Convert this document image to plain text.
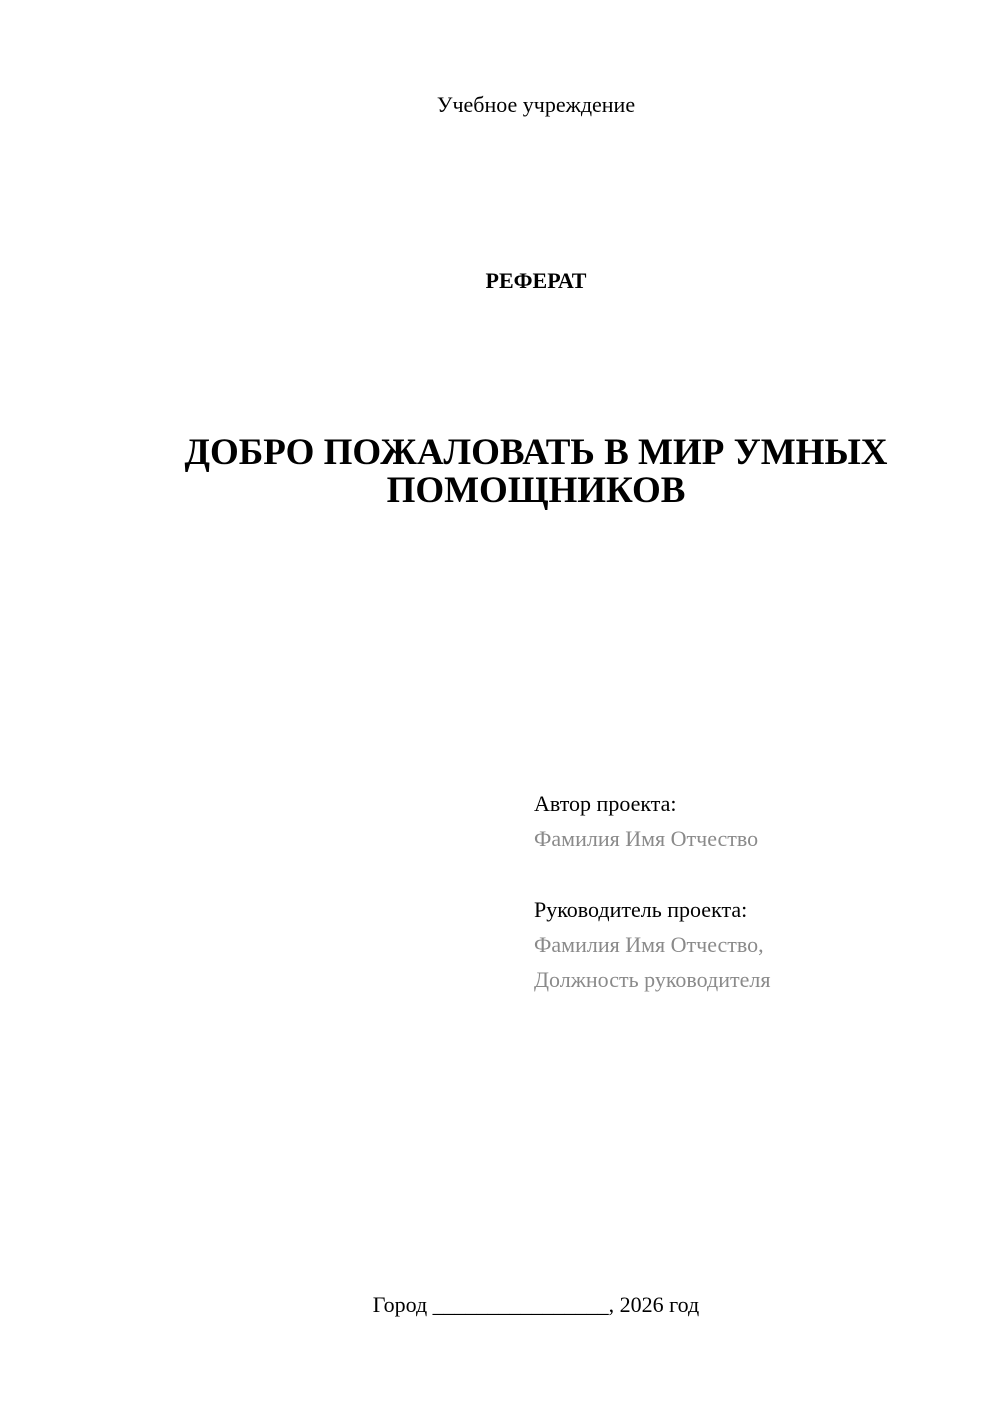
Учебное учреждение
РЕФЕРАТ
ДОБРО ПОЖАЛОВАТЬ В МИР УМНЫХ
ПОМОЩНИКОВ
Автор проекта:
Фамилия Имя Отчество
Руководитель проекта:
Фамилия Имя Отчество,
Должность руководителя
Город ________________, 2026 год
